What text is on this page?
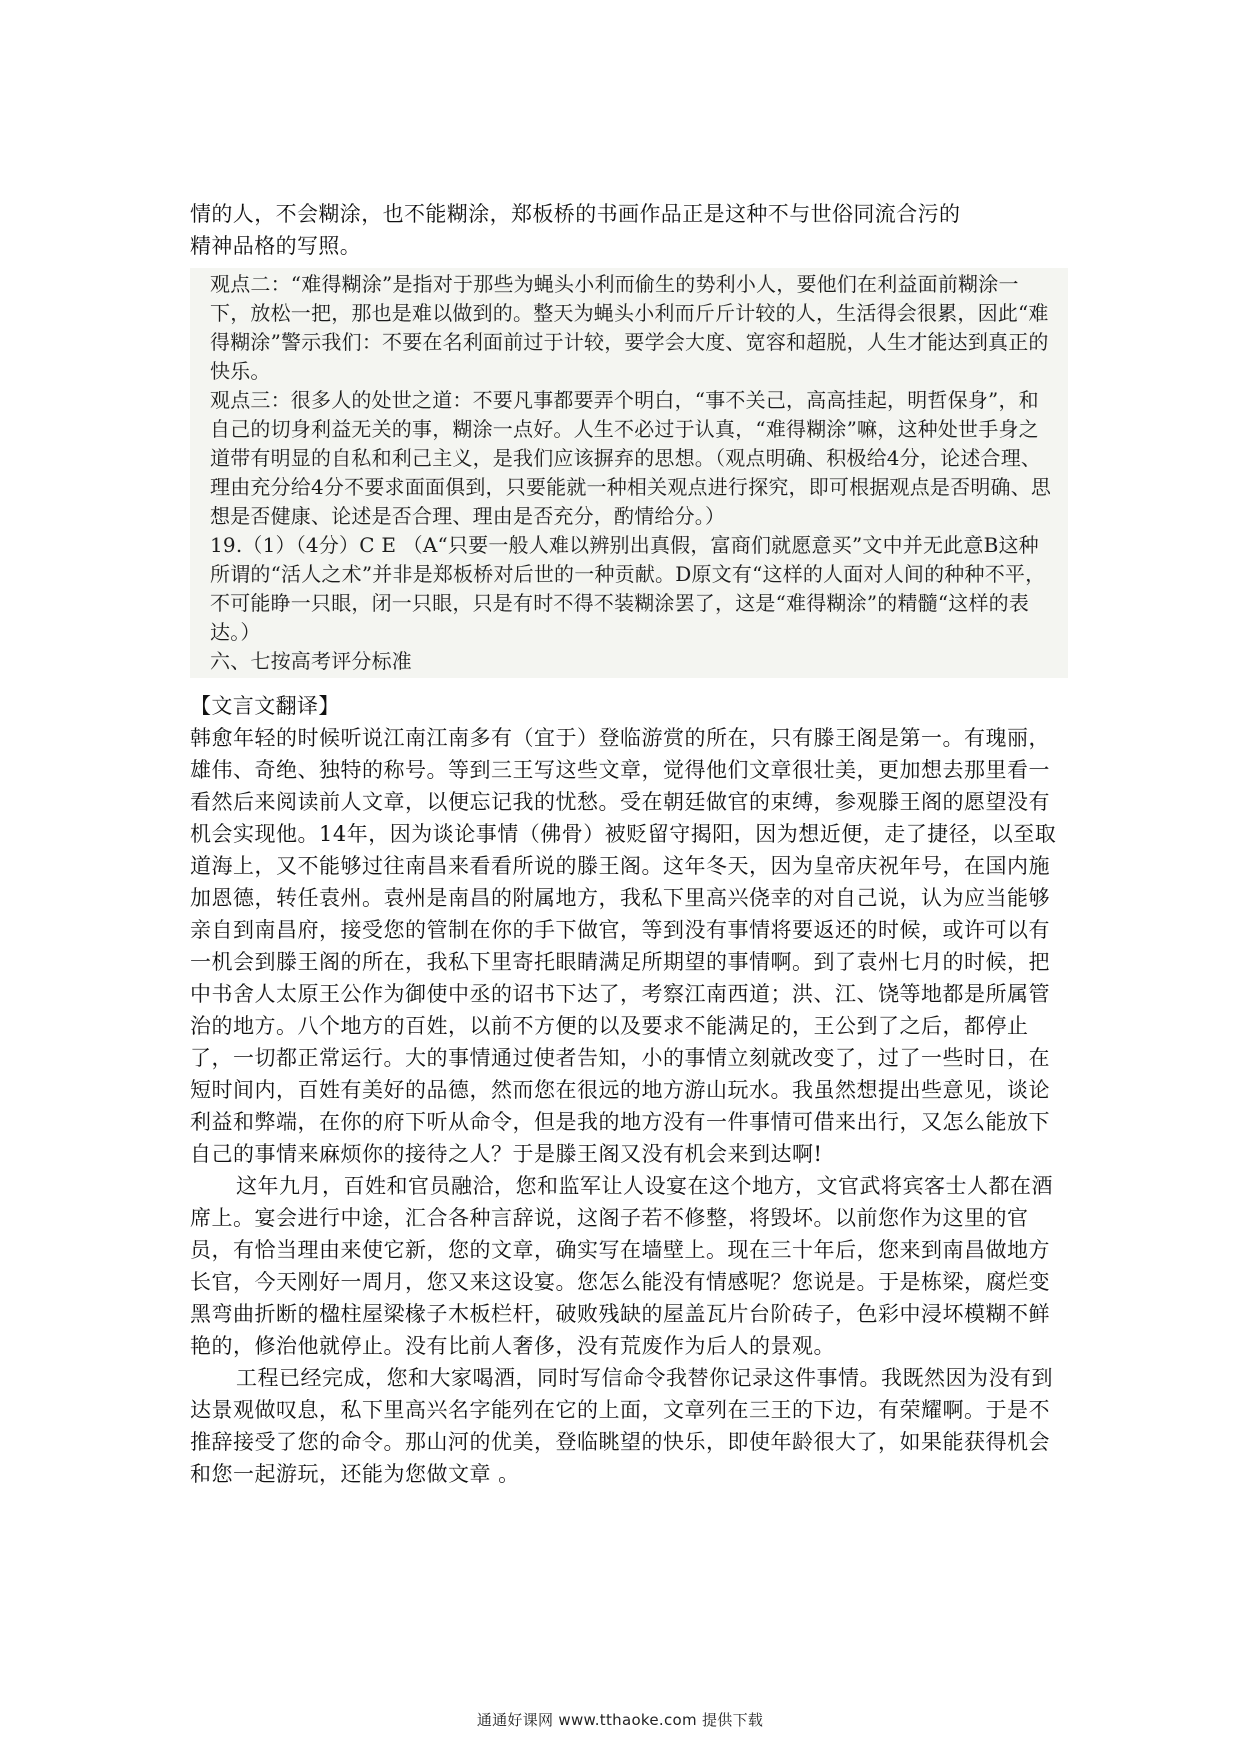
情的人，不会糊涂，也不能糊涂，郑板桥的书画作品正是这种不与世俗同流合污的

精神品格的写照。

观点二：“难得糊涂”是指对于那些为蝇头小利而偷生的势利小人，要他们在利益面前糊涂一下，放松一把，那也是难以做到的。整天为蝇头小利而斤斤计较的人，生活得会很累，因此“难得糊涂”警示我们：不要在名利面前过于计较，要学会大度、宽容和超脱，人生才能达到真正的快乐。

观点三：很多人的处世之道：不要凡事都要弄个明白，“事不关己，高高挂起，明哲保身”，和自己的切身利益无关的事，糊涂一点好。人生不必过于认真，“难得糊涂”嘛，这种处世手身之道带有明显的自私和利己主义，是我们应该摒弃的思想。（观点明确、积极给4分，论述合理、理由充分给4分不要求面面俱到，只要能就一种相关观点进行探究，即可根据观点是否明确、思想是否健康、论述是否合理、理由是否充分，酌情给分。）

19.（1）（4分）C E （A“只要一般人难以辨别出真假，富商们就愿意买”文中并无此意B这种所谓的“活人之术”并非是郑板桥对后世的一种贡献。D原文有“这样的人面对人间的种种不平，不可能睁一只眼，闭一只眼，只是有时不得不装糊涂罢了，这是“难得糊涂”的精髓“这样的表达。）

六、七按高考评分标准

【文言文翻译】

韩愈年轻的时候听说江南江南多有（宜于）登临游赏的所在，只有滕王阁是第一。有瑰丽，雄伟、奇绝、独特的称号。等到三王写这些文章，觉得他们文章很壮美，更加想去那里看一看然后来阅读前人文章，以便忘记我的忧愁。受在朝廷做官的束缚，参观滕王阁的愿望没有机会实现他。14年，因为谈论事情（佛骨）被贬留守揭阳，因为想近便，走了捷径，以至取道海上，又不能够过往南昌来看看所说的滕王阁。这年冬天，因为皇帝庆祝年号，在国内施加恩德，转任袁州。袁州是南昌的附属地方，我私下里高兴侥幸的对自己说，认为应当能够亲自到南昌府，接受您的管制在你的手下做官，等到没有事情将要返还的时候，或许可以有一机会到滕王阁的所在，我私下里寄托眼睛满足所期望的事情啊。到了袁州七月的时候，把中书舍人太原王公作为御使中丞的诏书下达了，考察江南西道；洪、江、饶等地都是所属管治的地方。八个地方的百姓，以前不方便的以及要求不能满足的，王公到了之后，都停止了，一切都正常运行。大的事情通过使者告知，小的事情立刻就改变了，过了一些时日，在短时间内，百姓有美好的品德，然而您在很远的地方游山玩水。我虽然想提出些意见，谈论利益和弊端，在你的府下听从命令，但是我的地方没有一件事情可借来出行，又怎么能放下自己的事情来麻烦你的接待之人？于是滕王阁又没有机会来到达啊!

这年九月，百姓和官员融洽，您和监军让人设宴在这个地方，文官武将宾客士人都在酒席上。宴会进行中途，汇合各种言辞说，这阁子若不修整，将毁坏。以前您作为这里的官员，有恰当理由来使它新，您的文章，确实写在墙壁上。现在三十年后，您来到南昌做地方长官，今天刚好一周月，您又来这设宴。您怎么能没有情感呢？您说是。于是栋梁，腐烂变黑弯曲折断的楹柱屋梁椽子木板栏杆，破败残缺的屋盖瓦片台阶砖子，色彩中浸坏模糊不鲜艳的，修治他就停止。没有比前人奢侈，没有荒废作为后人的景观。

工程已经完成，您和大家喝酒，同时写信命令我替你记录这件事情。我既然因为没有到达景观做叹息，私下里高兴名字能列在它的上面，文章列在三王的下边，有荣耀啊。于是不推辞接受了您的命令。那山河的优美，登临眺望的快乐，即使年龄很大了，如果能获得机会和您一起游玩，还能为您做文章 。

通通好课网 www.tthaoke.com 提供下载
